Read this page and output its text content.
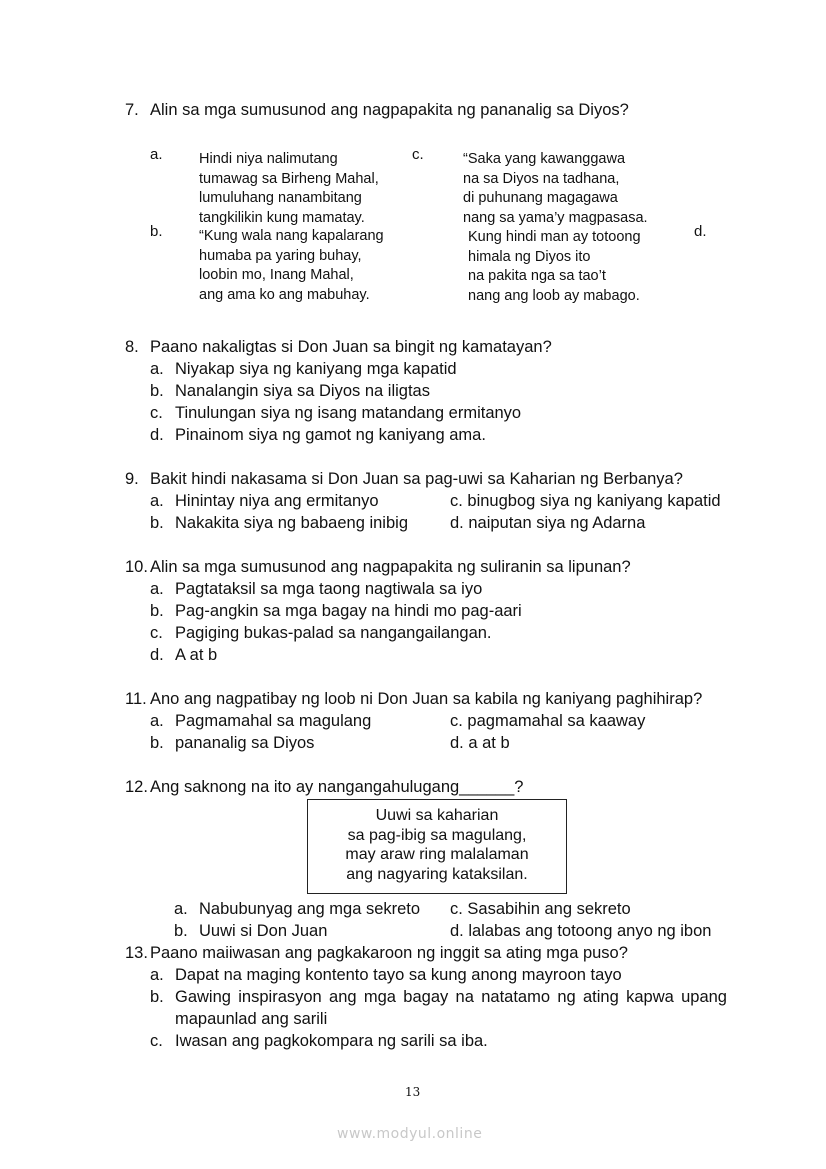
7. Alin sa mga sumusunod ang nagpapakita ng pananalig sa Diyos?
a.	Hindi niya nalimutang
tumawag sa Birheng Mahal,
lumuluhang nanambitang
tangkilikin kung mamatay.
b.	“Kung wala nang kapalarang
humaba pa yaring buhay,
loobin mo, Inang Mahal,
ang ama ko ang mabuhay.
c.	“Saka yang kawanggawa
na sa Diyos na tadhana,
di puhunang magagawa
nang sa yama’y magpasasa.
d.
Kung hindi man ay totoong
himala ng Diyos ito
na pakita nga sa tao’t
nang ang loob ay mabago.
8. Paano nakaligtas si Don Juan sa bingit ng kamatayan?
a. Niyakap siya ng kaniyang mga kapatid
b. Nanalangin siya sa Diyos na iligtas
c. Tinulungan siya ng isang matandang ermitanyo
d. Pinainom siya ng gamot ng kaniyang ama.
9. Bakit hindi nakasama si Don Juan sa pag-uwi sa Kaharian ng Berbanya?
a. Hinintay niya ang ermitanyo
b. Nakakita siya ng babaeng inibig
c. binugbog siya ng kaniyang kapatid
d. naiputan siya ng Adarna
10. Alin sa mga sumusunod ang nagpapakita ng suliranin sa lipunan?
a. Pagtataksil sa mga taong nagtiwala sa iyo
b. Pag-angkin sa mga bagay na hindi mo pag-aari
c. Pagiging bukas-palad sa nangangailangan.
d. A at b
11. Ano ang nagpatibay ng loob ni Don Juan sa kabila ng kaniyang paghihirap?
a. Pagmamahal sa magulang
b. pananalig sa Diyos
c. pagmamahal sa kaaway
d. a at b
12. Ang saknong na ito ay nangangahulugang______?
Uuwi sa kaharian
sa pag-ibig sa magulang,
may araw ring malalaman
ang nagyaring kataksilan.
a. Nabubunyag ang mga sekreto
b. Uuwi si Don Juan
c. Sasabihin ang sekreto
d. lalabas ang totoong anyo ng ibon
13. Paano maiiwasan ang pagkakaroon ng inggit sa ating mga puso?
a. Dapat na maging kontento tayo sa kung anong mayroon tayo
b. Gawing inspirasyon ang mga bagay na natatamo ng ating kapwa upang
mapaunlad ang sarili
c. Iwasan ang pagkokompara ng sarili sa iba.
13
www.modyul.online
